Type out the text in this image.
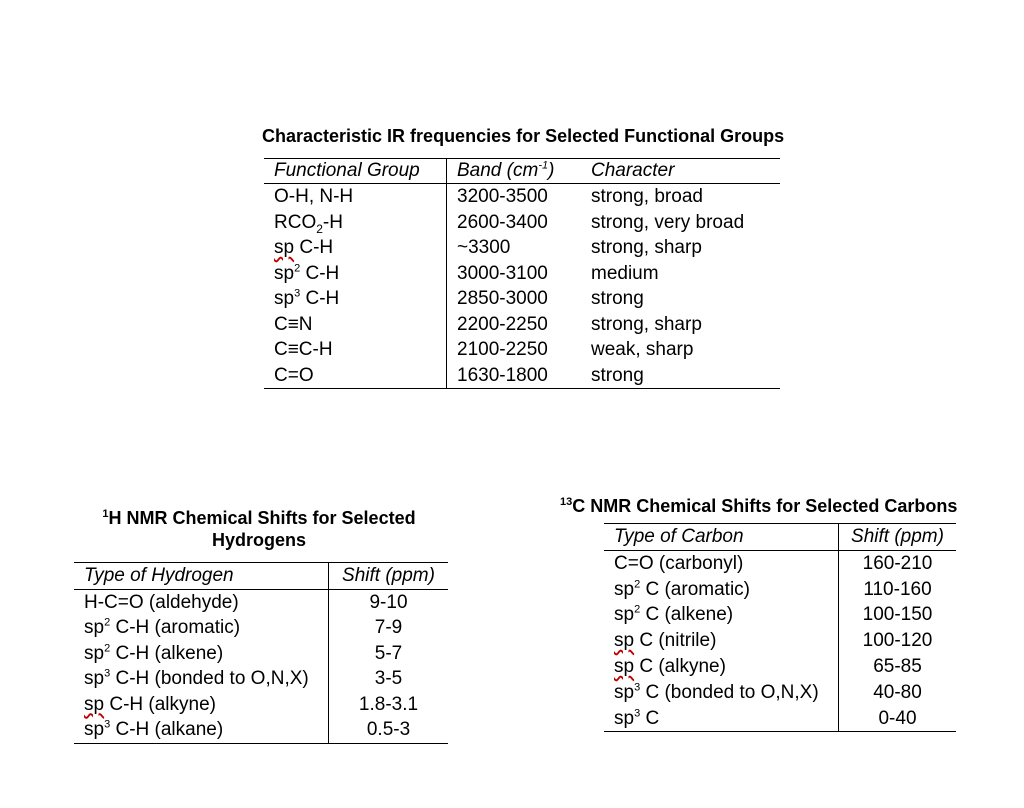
Characteristic IR frequencies for Selected Functional Groups
Functional Group	Band $(cm^{-1})$	Character
O-H, N-H	3200-3500	strong, broad
$RCO_2-H$	2600-3400	strong, very broad
sp C-H	~3300	strong, sharp
$sp^2$ C-H	3000-3100	medium
$sp^3$ C-H	2850-3000	strong
C≡N	2200-2250	strong, sharp
C≡C-H	2100-2250	weak, sharp
C=O	1630-1800	strong
$^1$H NMR Chemical Shifts for Selected Hydrogens
Type of Hydrogen	Shift (ppm)
H-C=O (aldehyde)	9-10
$sp^2$ C-H (aromatic)	7-9
$sp^2$ C-H (alkene)	5-7
$sp^3$ C-H (bonded to O,N,X)	3-5
sp C-H (alkyne)	1.8-3.1
$sp^3$ C-H (alkane)	0.5-3
$^{13}$C NMR Chemical Shifts for Selected Carbons
Type of Carbon	Shift (ppm)
C=O (carbonyl)	160-210
$sp^2$ C (aromatic)	110-160
$sp^2$ C (alkene)	100-150
sp C (nitrile)	100-120
sp C (alkyne)	65-85
$sp^3$ C (bonded to O,N,X)	40-80
$sp^3$ C	0-40
